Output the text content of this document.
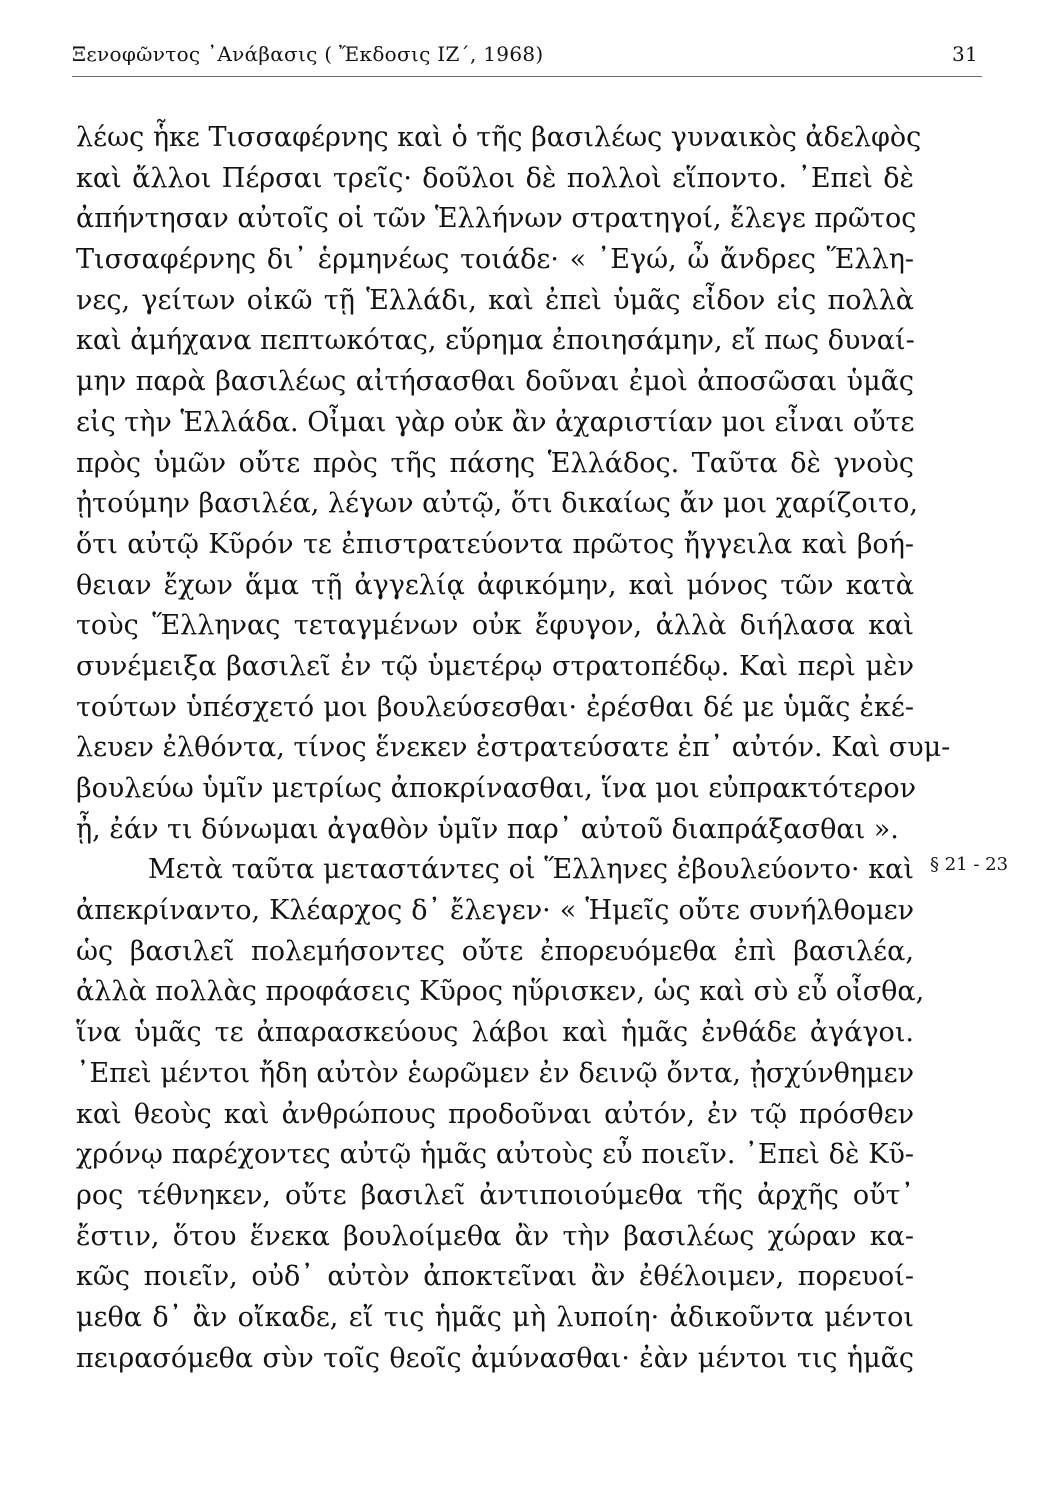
Ξενοφῶντος ᾿Ανάβασις ( Ἔκδοσις ΙΖ΄, 1968)	31
λέως ἧκε Τισσαφέρνης καὶ ὁ τῆς βασιλέως γυναικὸς ἀδελφὸς
καὶ ἄλλοι Πέρσαι τρεῖς· δοῦλοι δὲ πολλοὶ εἵποντο. ᾿Επεὶ δὲ
ἀπήντησαν αὐτοῖς οἱ τῶν Ἑλλήνων στρατηγοί, ἔλεγε πρῶτος
Τισσαφέρνης δι᾿ ἑρμηνέως τοιάδε· « ᾿Εγώ, ὦ ἄνδρες Ἕλλη-
νες, γείτων οἰκῶ τῇ Ἑλλάδι, καὶ ἐπεὶ ὑμᾶς εἶδον εἰς πολλὰ
καὶ ἀμήχανα πεπτωκότας, εὕρημα ἐποιησάμην, εἴ πως δυναί-
μην παρὰ βασιλέως αἰτήσασθαι δοῦναι ἐμοὶ ἀποσῶσαι ὑμᾶς
εἰς τὴν Ἑλλάδα. Οἶμαι γὰρ οὐκ ἂν ἀχαριστίαν μοι εἶναι οὔτε
πρὸς ὑμῶν οὔτε πρὸς τῆς πάσης Ἑλλάδος. Ταῦτα δὲ γνοὺς
ᾐτούμην βασιλέα, λέγων αὐτῷ, ὅτι δικαίως ἄν μοι χαρίζοιτο,
ὅτι αὐτῷ Κῦρόν τε ἐπιστρατεύοντα πρῶτος ἤγγειλα καὶ βοή-
θειαν ἔχων ἅμα τῇ ἀγγελίᾳ ἀφικόμην, καὶ μόνος τῶν κατὰ
τοὺς Ἕλληνας τεταγμένων οὐκ ἔφυγον, ἀλλὰ διήλασα καὶ
συνέμειξα βασιλεῖ ἐν τῷ ὑμετέρῳ στρατοπέδῳ. Καὶ περὶ μὲν
τούτων ὑπέσχετό μοι βουλεύσεσθαι· ἐρέσθαι δέ με ὑμᾶς ἐκέ-
λευεν ἐλθόντα, τίνος ἕνεκεν ἐστρατεύσατε ἐπ᾿ αὐτόν. Καὶ συμ-
βουλεύω ὑμῖν μετρίως ἀποκρίνασθαι, ἵνα μοι εὐπρακτότερον
ᾖ, ἐάν τι δύνωμαι ἀγαθὸν ὑμῖν παρ᾿ αὐτοῦ διαπράξασθαι ».
Μετὰ ταῦτα μεταστάντες οἱ Ἕλληνες ἐβουλεύοντο· καὶ
ἀπεκρίναντο, Κλέαρχος δ᾿ ἔλεγεν· « Ἡμεῖς οὔτε συνήλθομεν
ὡς βασιλεῖ πολεμήσοντες οὔτε ἐπορευόμεθα ἐπὶ βασιλέα,
ἀλλὰ πολλὰς προφάσεις Κῦρος ηὕρισκεν, ὡς καὶ σὺ εὖ οἶσθα,
ἵνα ὑμᾶς τε ἀπαρασκεύους λάβοι καὶ ἡμᾶς ἐνθάδε ἀγάγοι.
᾿Επεὶ μέντοι ἤδη αὐτὸν ἑωρῶμεν ἐν δεινῷ ὄντα, ᾐσχύνθημεν
καὶ θεοὺς καὶ ἀνθρώπους προδοῦναι αὐτόν, ἐν τῷ πρόσθεν
χρόνῳ παρέχοντες αὐτῷ ἡμᾶς αὐτοὺς εὖ ποιεῖν. ᾿Επεὶ δὲ Κῦ-
ρος τέθνηκεν, οὔτε βασιλεῖ ἀντιποιούμεθα τῆς ἀρχῆς οὔτ᾿
ἔστιν, ὅτου ἕνεκα βουλοίμεθα ἂν τὴν βασιλέως χώραν κα-
κῶς ποιεῖν, οὐδ᾿ αὐτὸν ἀποκτεῖναι ἂν ἐθέλοιμεν, πορευοί-
μεθα δ᾿ ἂν οἴκαδε, εἴ τις ἡμᾶς μὴ λυποίη· ἀδικοῦντα μέντοι
πειρασόμεθα σὺν τοῖς θεοῖς ἀμύνασθαι· ἐὰν μέντοι τις ἡμᾶς
§ 21 - 23
